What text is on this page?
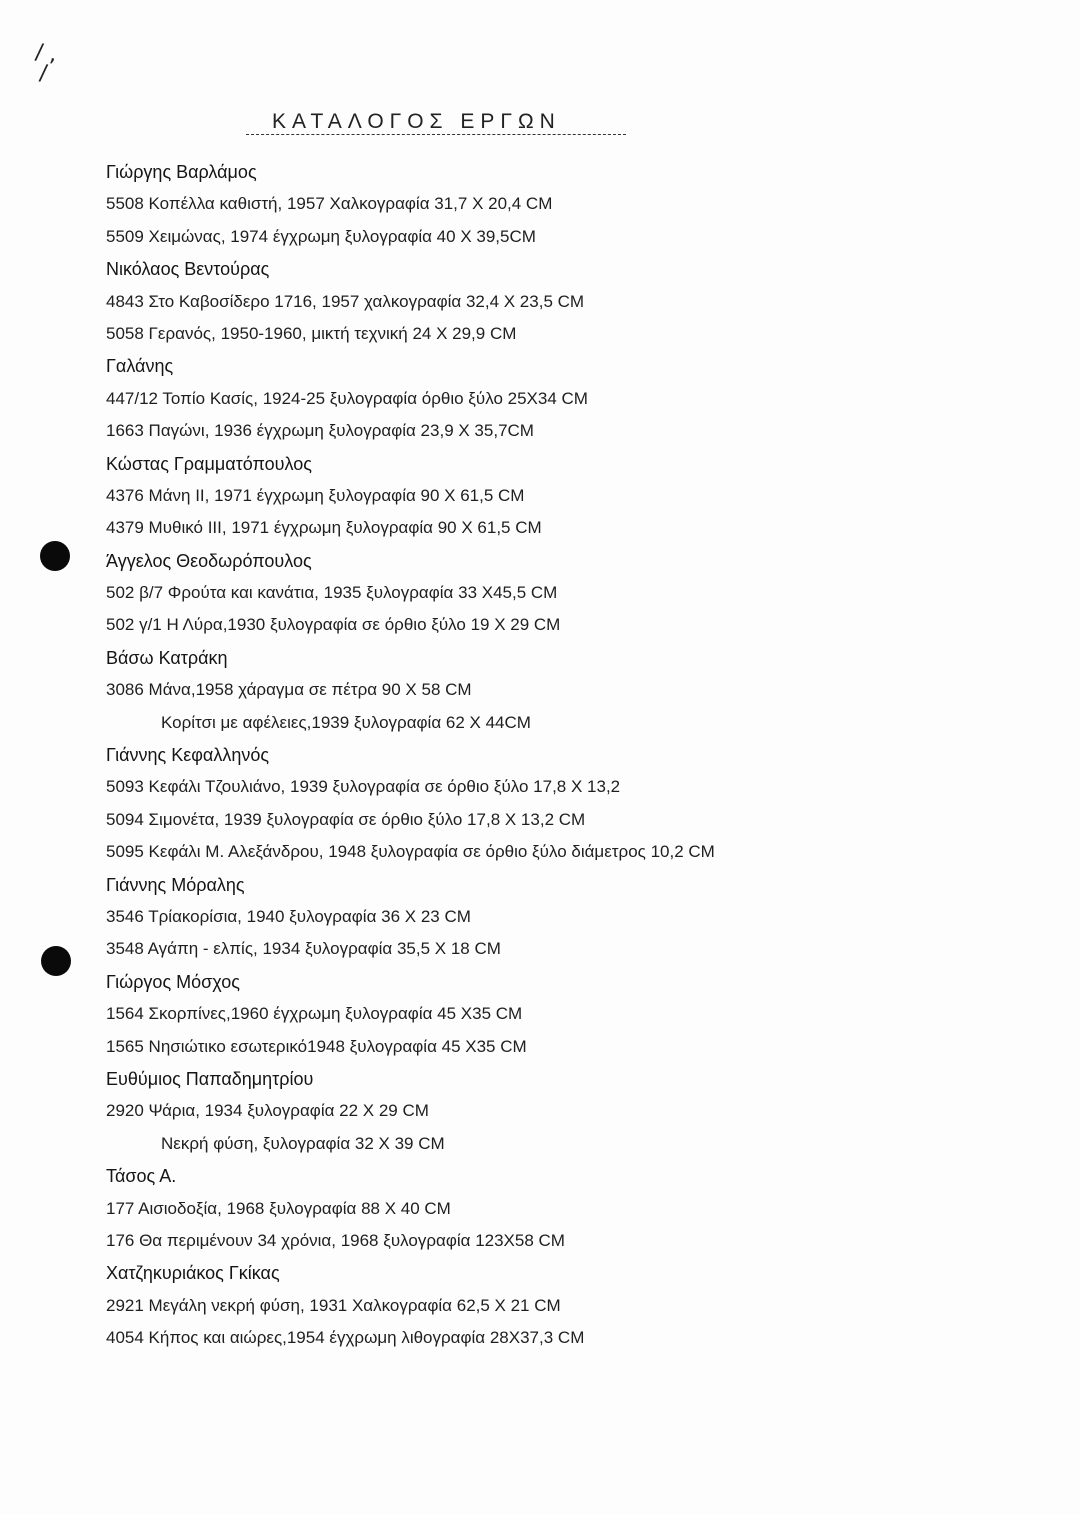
/ ,
/
ΚΑΤΑΛΟΓΟΣ ΕΡΓΩΝ
Γιώργης Βαρλάμος
5508 Κοπέλλα καθιστή, 1957 Χαλκογραφία 31,7 Χ 20,4 CM
5509 Χειμώνας, 1974 έγχρωμη ξυλογραφία 40 Χ 39,5CM
Νικόλαος Βεντούρας
4843 Στο Καβοσίδερο 1716, 1957 χαλκογραφία 32,4 Χ 23,5 CM
5058 Γερανός, 1950-1960, μικτή τεχνική 24 Χ 29,9 CM
Γαλάνης
447/12 Τοπίο Κασίς, 1924-25 ξυλογραφία όρθιο ξύλο 25Χ34 CM
1663 Παγώνι, 1936 έγχρωμη ξυλογραφία 23,9 Χ 35,7CM
Κώστας Γραμματόπουλος
4376 Μάνη ΙΙ, 1971 έγχρωμη ξυλογραφία 90 Χ 61,5 CM
4379 Μυθικό ΙΙΙ, 1971 έγχρωμη ξυλογραφία 90 Χ 61,5 CM
Άγγελος Θεοδωρόπουλος
502 β/7 Φρούτα και κανάτια, 1935 ξυλογραφία 33 Χ45,5 CM
502 γ/1 Η Λύρα,1930 ξυλογραφία σε όρθιο ξύλο 19 Χ 29 CM
Βάσω Κατράκη
3086 Μάνα,1958 χάραγμα σε πέτρα 90 Χ 58 CM
Κορίτσι με αφέλειες,1939 ξυλογραφία 62 Χ 44CM
Γιάννης Κεφαλληνός
5093 Κεφάλι Τζουλιάνο, 1939 ξυλογραφία σε όρθιο ξύλο 17,8 Χ 13,2
5094 Σιμονέτα, 1939 ξυλογραφία σε όρθιο ξύλο 17,8 Χ 13,2 CM
5095 Κεφάλι Μ. Αλεξάνδρου, 1948 ξυλογραφία σε όρθιο ξύλο διάμετρος 10,2 CM
Γιάννης Μόραλης
3546 Τρίακορίσια, 1940 ξυλογραφία 36 Χ 23 CM
3548 Αγάπη - ελπίς, 1934 ξυλογραφία 35,5 Χ 18 CM
Γιώργος Μόσχος
1564 Σκορπίνες,1960 έγχρωμη ξυλογραφία 45 Χ35 CM
1565 Νησιώτικο εσωτερικό1948 ξυλογραφία 45 Χ35 CM
Ευθύμιος Παπαδημητρίου
2920 Ψάρια, 1934 ξυλογραφία 22 Χ 29 CM
Νεκρή φύση, ξυλογραφία 32 Χ 39 CM
Τάσος Α.
177 Αισιοδοξία, 1968 ξυλογραφία 88 Χ 40 CM
176 Θα περιμένουν 34 χρόνια, 1968 ξυλογραφία 123Χ58 CM
Χατζηκυριάκος Γκίκας
2921 Μεγάλη νεκρή φύση, 1931 Χαλκογραφία 62,5 Χ 21 CM
4054 Κήπος και αιώρες,1954 έγχρωμη λιθογραφία 28Χ37,3 CM
